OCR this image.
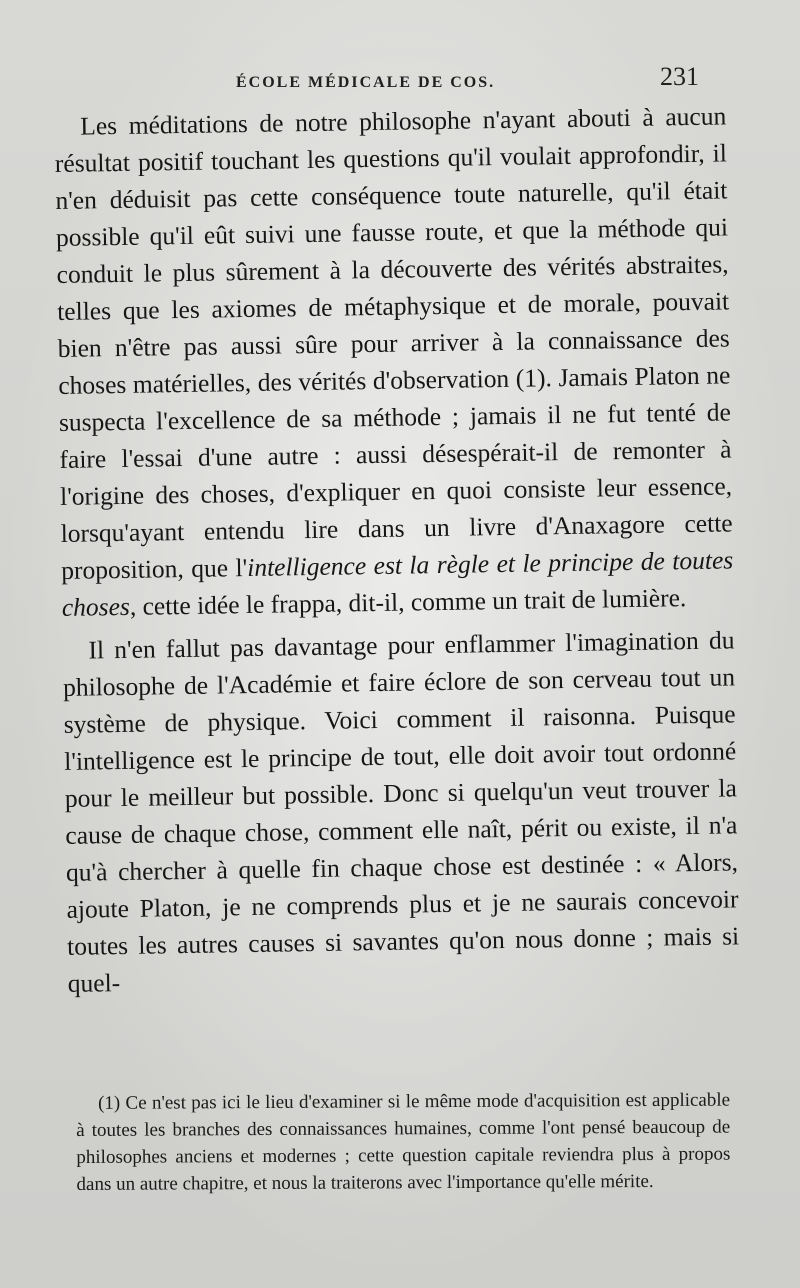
ÉCOLE MÉDICALE DE COS.	231

Les méditations de notre philosophe n'ayant abouti à aucun résultat positif touchant les questions qu'il voulait approfondir, il n'en déduisit pas cette conséquence toute naturelle, qu'il était possible qu'il eût suivi une fausse route, et que la méthode qui conduit le plus sûrement à la découverte des vérités abstraites, telles que les axiomes de métaphysique et de morale, pouvait bien n'être pas aussi sûre pour arriver à la connaissance des choses matérielles, des vérités d'observation (1). Jamais Platon ne suspecta l'excellence de sa méthode ; jamais il ne fut tenté de faire l'essai d'une autre : aussi désespérait-il de remonter à l'origine des choses, d'expliquer en quoi consiste leur essence, lorsqu'ayant entendu lire dans un livre d'Anaxagore cette proposition, que l'intelligence est la règle et le principe de toutes choses, cette idée le frappa, dit-il, comme un trait de lumière.

Il n'en fallut pas davantage pour enflammer l'imagination du philosophe de l'Académie et faire éclore de son cerveau tout un système de physique. Voici comment il raisonna. Puisque l'intelligence est le principe de tout, elle doit avoir tout ordonné pour le meilleur but possible. Donc si quelqu'un veut trouver la cause de chaque chose, comment elle naît, périt ou existe, il n'a qu'à chercher à quelle fin chaque chose est destinée : « Alors, ajoute Platon, je ne comprends plus et je ne saurais concevoir toutes les autres causes si savantes qu'on nous donne ; mais si quel-

(1) Ce n'est pas ici le lieu d'examiner si le même mode d'acquisition est applicable à toutes les branches des connaissances humaines, comme l'ont pensé beaucoup de philosophes anciens et modernes ; cette question capitale reviendra plus à propos dans un autre chapitre, et nous la traiterons avec l'importance qu'elle mérite.
